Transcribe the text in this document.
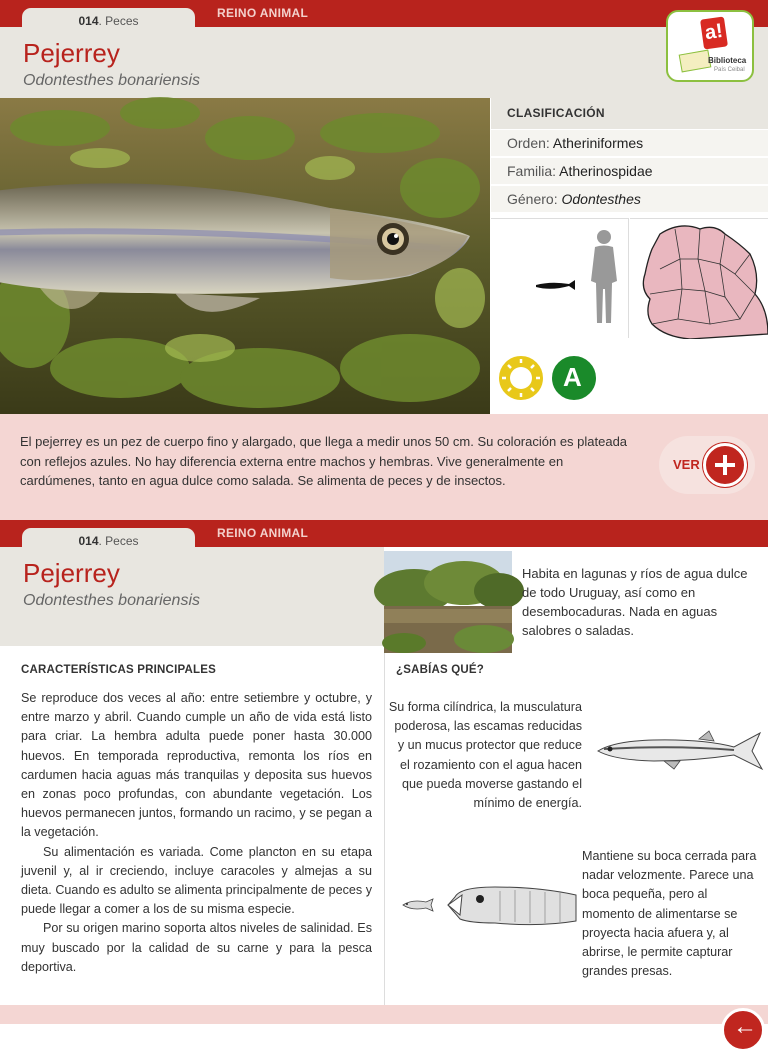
REINO ANIMAL
014. Peces
Pejerrey
Odontesthes bonariensis
a!
Biblioteca
País Ceibal
CLASIFICACIÓN
Orden: Atheriniformes
Familia: Atherinospidae
Género: Odontesthes
A
El pejerrey es un pez de cuerpo fino y alargado, que llega a medir unos 50 cm. Su coloración es plateada con reflejos azules. No hay diferencia externa entre machos y hembras. Vive generalmente en cardúmenes, tanto en agua dulce como salada. Se alimenta de peces y de insectos.
VER
REINO ANIMAL
014. Peces
Pejerrey
Odontesthes bonariensis
Habita en lagunas y ríos de agua dulce de todo Uruguay, así como en desembocaduras. Nada en aguas salobres o saladas.
CARACTERÍSTICAS PRINCIPALES

Se reproduce dos veces al año: entre setiembre y octubre, y entre marzo y abril. Cuando cumple un año de vida está listo para criar. La hembra adulta puede poner hasta 30.000 huevos. En temporada reproductiva, remonta los ríos en cardumen hacia aguas más tranquilas y deposita sus huevos en zonas poco profundas, con abundante vegetación. Los huevos permanecen juntos, formando un racimo, y se pegan a la vegetación.

Su alimentación es variada. Come plancton en su etapa juvenil y, al ir creciendo, incluye caracoles y almejas a su dieta. Cuando es adulto se alimenta principalmente de peces y puede llegar a comer a los de su misma especie.

Por su origen marino soporta altos niveles de salinidad. Es muy buscado por la calidad de su carne y para la pesca deportiva.

¿SABÍAS QUÉ?
Su forma cilíndrica, la musculatura poderosa, las escamas reducidas y un mucus protector que reduce el rozamiento con el agua hacen que pueda moverse gastando el mínimo de energía.
Mantiene su boca cerrada para nadar velozmente. Parece una boca pequeña, pero al momento de alimentarse se proyecta hacia afuera y, al abrirse, le permite capturar grandes presas.
←
